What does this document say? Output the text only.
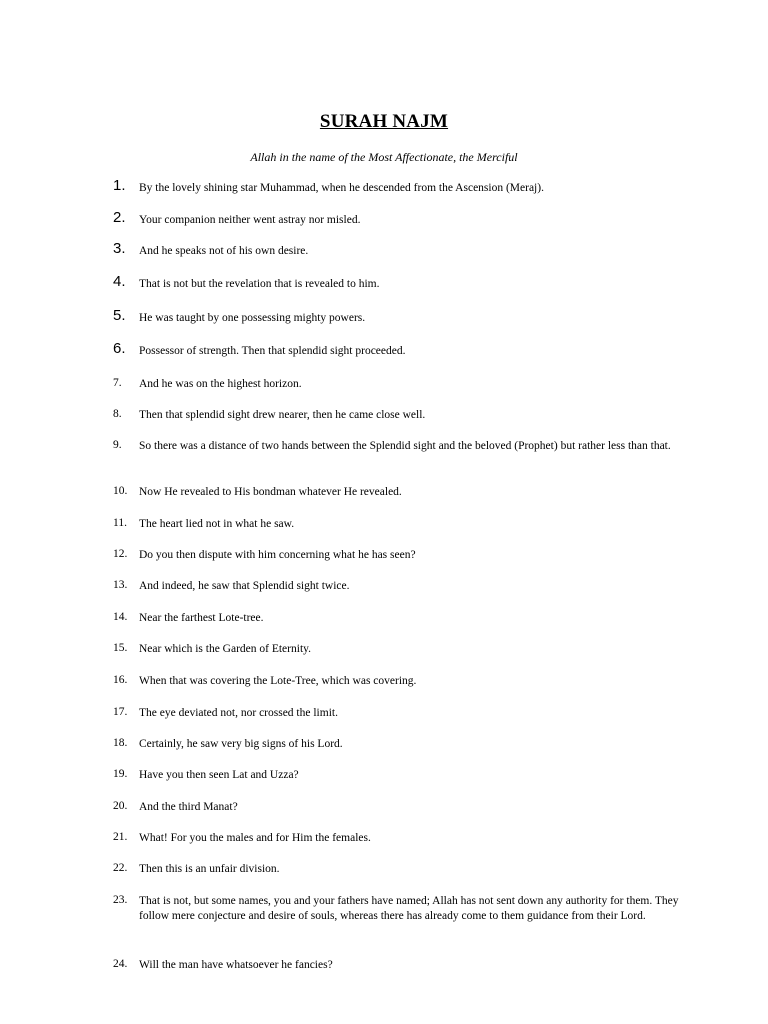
SURAH NAJM
Allah in the name of the Most Affectionate, the Merciful
1.	By the lovely shining star Muhammad, when he descended from the Ascension (Meraj).
2.	Your companion neither went astray nor misled.
3.	And he speaks not of his own desire.
4.	That is not but the revelation that is revealed to him.
5.	He was taught by one possessing mighty powers.
6.	Possessor of strength. Then that splendid sight proceeded.
7.	And he was on the highest horizon.
8.	Then that splendid sight drew nearer, then he came close well.
9.	So there was a distance of two hands between the Splendid sight and the beloved (Prophet) but rather less than that.
10.	Now He revealed to His bondman whatever He revealed.
11.	The heart lied not in what he saw.
12.	Do you then dispute with him concerning what he has seen?
13.	And indeed, he saw that Splendid sight twice.
14.	Near the farthest Lote-tree.
15.	Near which is the Garden of Eternity.
16.	When that was covering the Lote-Tree, which was covering.
17.	The eye deviated not, nor crossed the limit.
18.	Certainly, he saw very big signs of his Lord.
19.	Have you then seen Lat and Uzza?
20.	And the third Manat?
21.	What! For you the males and for Him the females.
22.	Then this is an unfair division.
23.	That is not, but some names, you and your fathers have named; Allah has not sent down any authority for them. They follow mere conjecture and desire of souls, whereas there has already come to them guidance from their Lord.
24.	Will the man have whatsoever he fancies?
